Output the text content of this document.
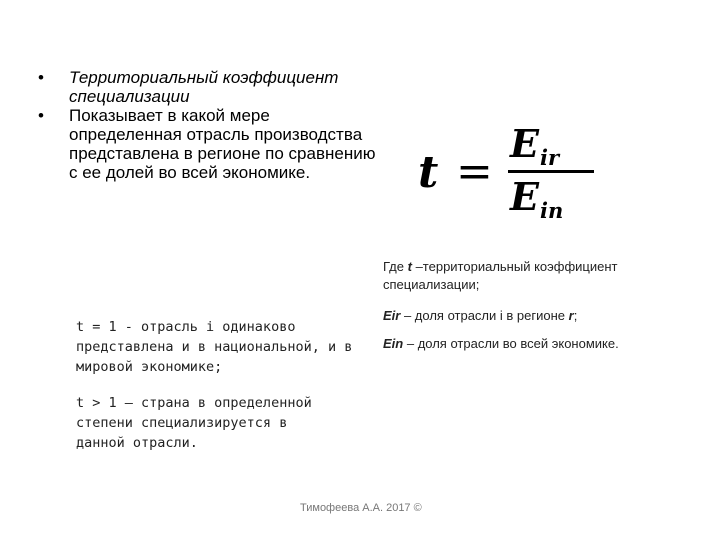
• Территориальный коэффициент специализации
• Показывает в какой мере определенная отрасль производства представлена в регионе по сравнению с ее долей во всей экономике.	t =
$E_{ir}$
$E_{in}$
Где t –территориальный коэффициент специализации;
Eir – доля отрасли i в регионе r;
Ein – доля отрасли во всей экономике.
t = 1 - отрасль i одинаково представлена и в национальной, и в мировой экономике;
t > 1 – страна в определенной степени специализируется в данной отрасли.
Тимофеева А.А. 2017 ©
